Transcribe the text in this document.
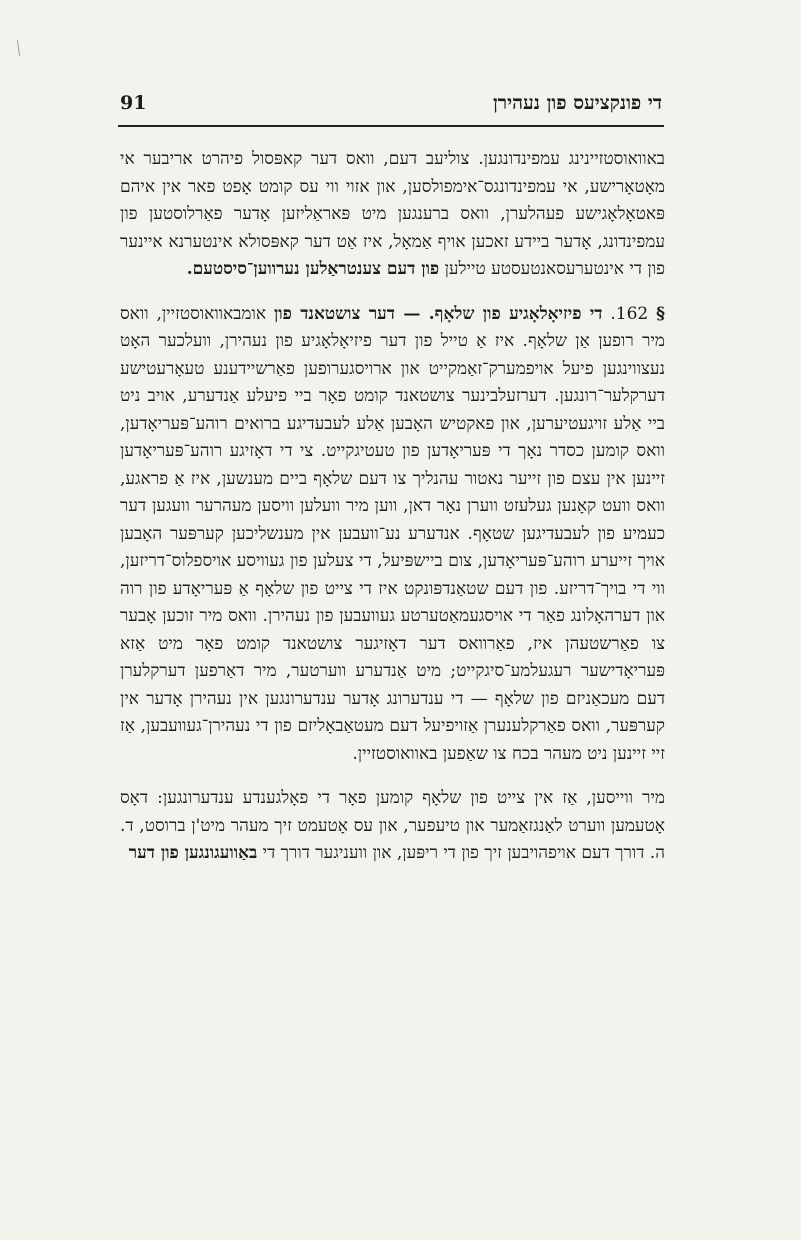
די פונקציעס פון נעהירן
91

באוואוסטזיינינג עמפינדונגען. צוליעב דעם, וואס דער קאפּסול פיהרט אריבער אי מאָטאָרישע, אי עמפינדונגס־אימפולסען, און אזוי ווי עס קומט אָפט פאר אין איהם פּאטאָלאָגישע פעהלערן, וואס ברענגען מיט פּאראַליזען אָדער פאַרלוסטען פון עמפינדונג, אָדער ביידע זאכען אויף אַמאָל, איז אַט דער קאפּסולא אינטערנא איינער פון די אינטערעסאנטעסטע טיילען פון דעם צענטראַלען נערווען־סיסטעם.

§ 162. די פיזיאָלאָגיע פון שלאָף. — דער צושטאנד פון אומבאוואוסטזיין, וואס מיר רופען אַן שלאָף. איז אַ טייל פון דער פיזיאָלאָגיע פון נעהירן, וועלכער האָט נעצווינגען פיעל אויפמערק־זאַמקייט און ארויסגערופען פאַרשיידענע טעאָרעטישע דערקלער־רונגען. דערזעלבינער צושטאנד קומט פאָר ביי פיעלע אַנדערע, אויב ניט ביי אַלע זויגעטיערען, און פאקטיש האָבען אַלע לעבעדיגע ברואים רוהע־פּעריאָדען, וואס קומען כסדר נאָך די פּעריאָדען פון טעטיגקייט. צי די דאָזיגע רוהע־פּעריאָדען זיינען אין עצם פון זייער נאטור עהנליך צו דעם שלאָף ביים מענשען, איז אַ פראגע, וואס וועט קאָנען געלעזט ווערן נאָר דאן, ווען מיר וועלען וויסען מעהרער וועגען דער כעמיע פון לעבעדיגען שטאָף. אנדערע נע־וועבען אין מענשליכען קערפּער האָבען אויך זייערע רוהע־פּעריאָדען, צום ביישפּיעל, די צעלען פון געוויסע אויספלוס־דריזען, ווי די בויך־דריזע. פון דעם שטאַנדפּונקט איז די צייט פון שלאָף אַ פּעריאָדע פון רוה און דערהאָלונג פאַר די אויסגעמאַטערטע געוועבען פון נעהירן. וואס מיר זוכען אָבער צו פאַרשטעהן איז, פאַרוואס דער דאָזיגער צושטאנד קומט פאָר מיט אַזא פּעריאָדישער רעגעלמע־סיגקייט; מיט אַנדערע ווערטער, מיר דאַרפען דערקלערן דעם מעכאַניזם פון שלאָף — די ענדערונג אָדער ענדערונגען אין נעהירן אָדער אין קערפּער, וואס פאַרקלענערן אַזויפיעל דעם מעטאַבאָליזם פון די נעהירן־געוועבען, אַז זיי זיינען ניט מעהר בכח צו שאַפען באוואוסטזיין.

מיר ווייסען, אַז אין צייט פון שלאָף קומען פאָר די פאָלגענדע ענדערונגען: דאָס אָטעמען ווערט לאַנגזאַמער און טיעפער, און עס אָטעמט זיך מעהר מיט'ן ברוסט, ד. ה. דורך דעם אויפהויבען זיך פון די ריפּען, און וועניגער דורך די באַוועגונגען פון דער
